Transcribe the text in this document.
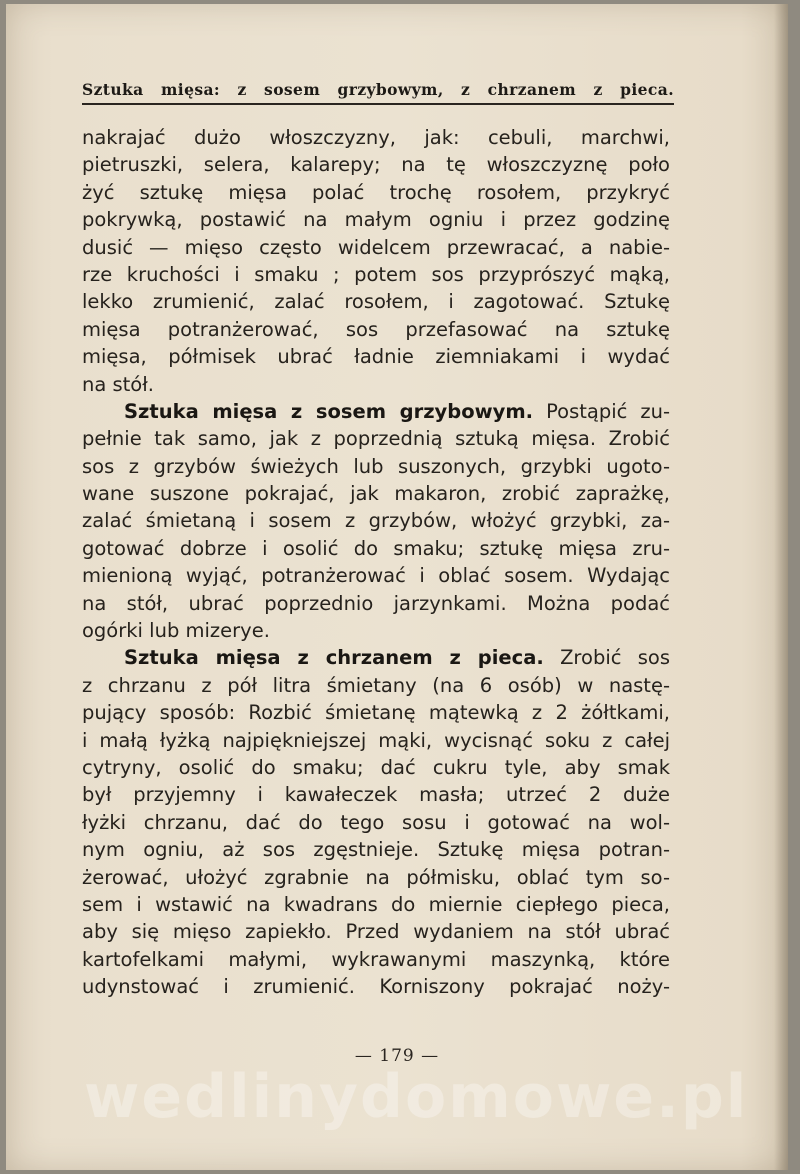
Sztuka mięsa: z sosem grzybowym, z chrzanem z pieca.
nakrajać dużo włoszczyzny, jak: cebuli, marchwi,
pietruszki, selera, kalarepy; na tę włoszczyznę poło
żyć sztukę mięsa polać trochę rosołem, przykryć
pokrywką, postawić na małym ogniu i przez godzinę
dusić — mięso często widelcem przewracać, a nabie-
rze kruchości i smaku ; potem sos przyprószyć mąką,
lekko zrumienić, zalać rosołem, i zagotować. Sztukę
mięsa potranżerować, sos przefasować na sztukę
mięsa, półmisek ubrać ładnie ziemniakami i wydać
na stół.
Sztuka mięsa z sosem grzybowym. Postąpić zu-
pełnie tak samo, jak z poprzednią sztuką mięsa. Zrobić
sos z grzybów świeżych lub suszonych, grzybki ugoto-
wane suszone pokrajać, jak makaron, zrobić zaprażkę,
zalać śmietaną i sosem z grzybów, włożyć grzybki, za-
gotować dobrze i osolić do smaku; sztukę mięsa zru-
mienioną wyjąć, potranżerować i oblać sosem. Wydając
na stół, ubrać poprzednio jarzynkami. Można podać
ogórki lub mizerye.
Sztuka mięsa z chrzanem z pieca. Zrobić sos
z chrzanu z pół litra śmietany (na 6 osób) w nastę-
pujący sposób: Rozbić śmietanę mątewką z 2 żółtkami,
i małą łyżką najpiękniejszej mąki, wycisnąć soku z całej
cytryny, osolić do smaku; dać cukru tyle, aby smak
był przyjemny i kawałeczek masła; utrzeć 2 duże
łyżki chrzanu, dać do tego sosu i gotować na wol-
nym ogniu, aż sos zgęstnieje. Sztukę mięsa potran-
żerować, ułożyć zgrabnie na półmisku, oblać tym so-
sem i wstawić na kwadrans do miernie ciepłego pieca,
aby się mięso zapiekło. Przed wydaniem na stół ubrać
kartofelkami małymi, wykrawanymi maszynką, które
udynstować i zrumienić. Korniszony pokrajać noży-
— 179 —
wedlinydomowe.pl
